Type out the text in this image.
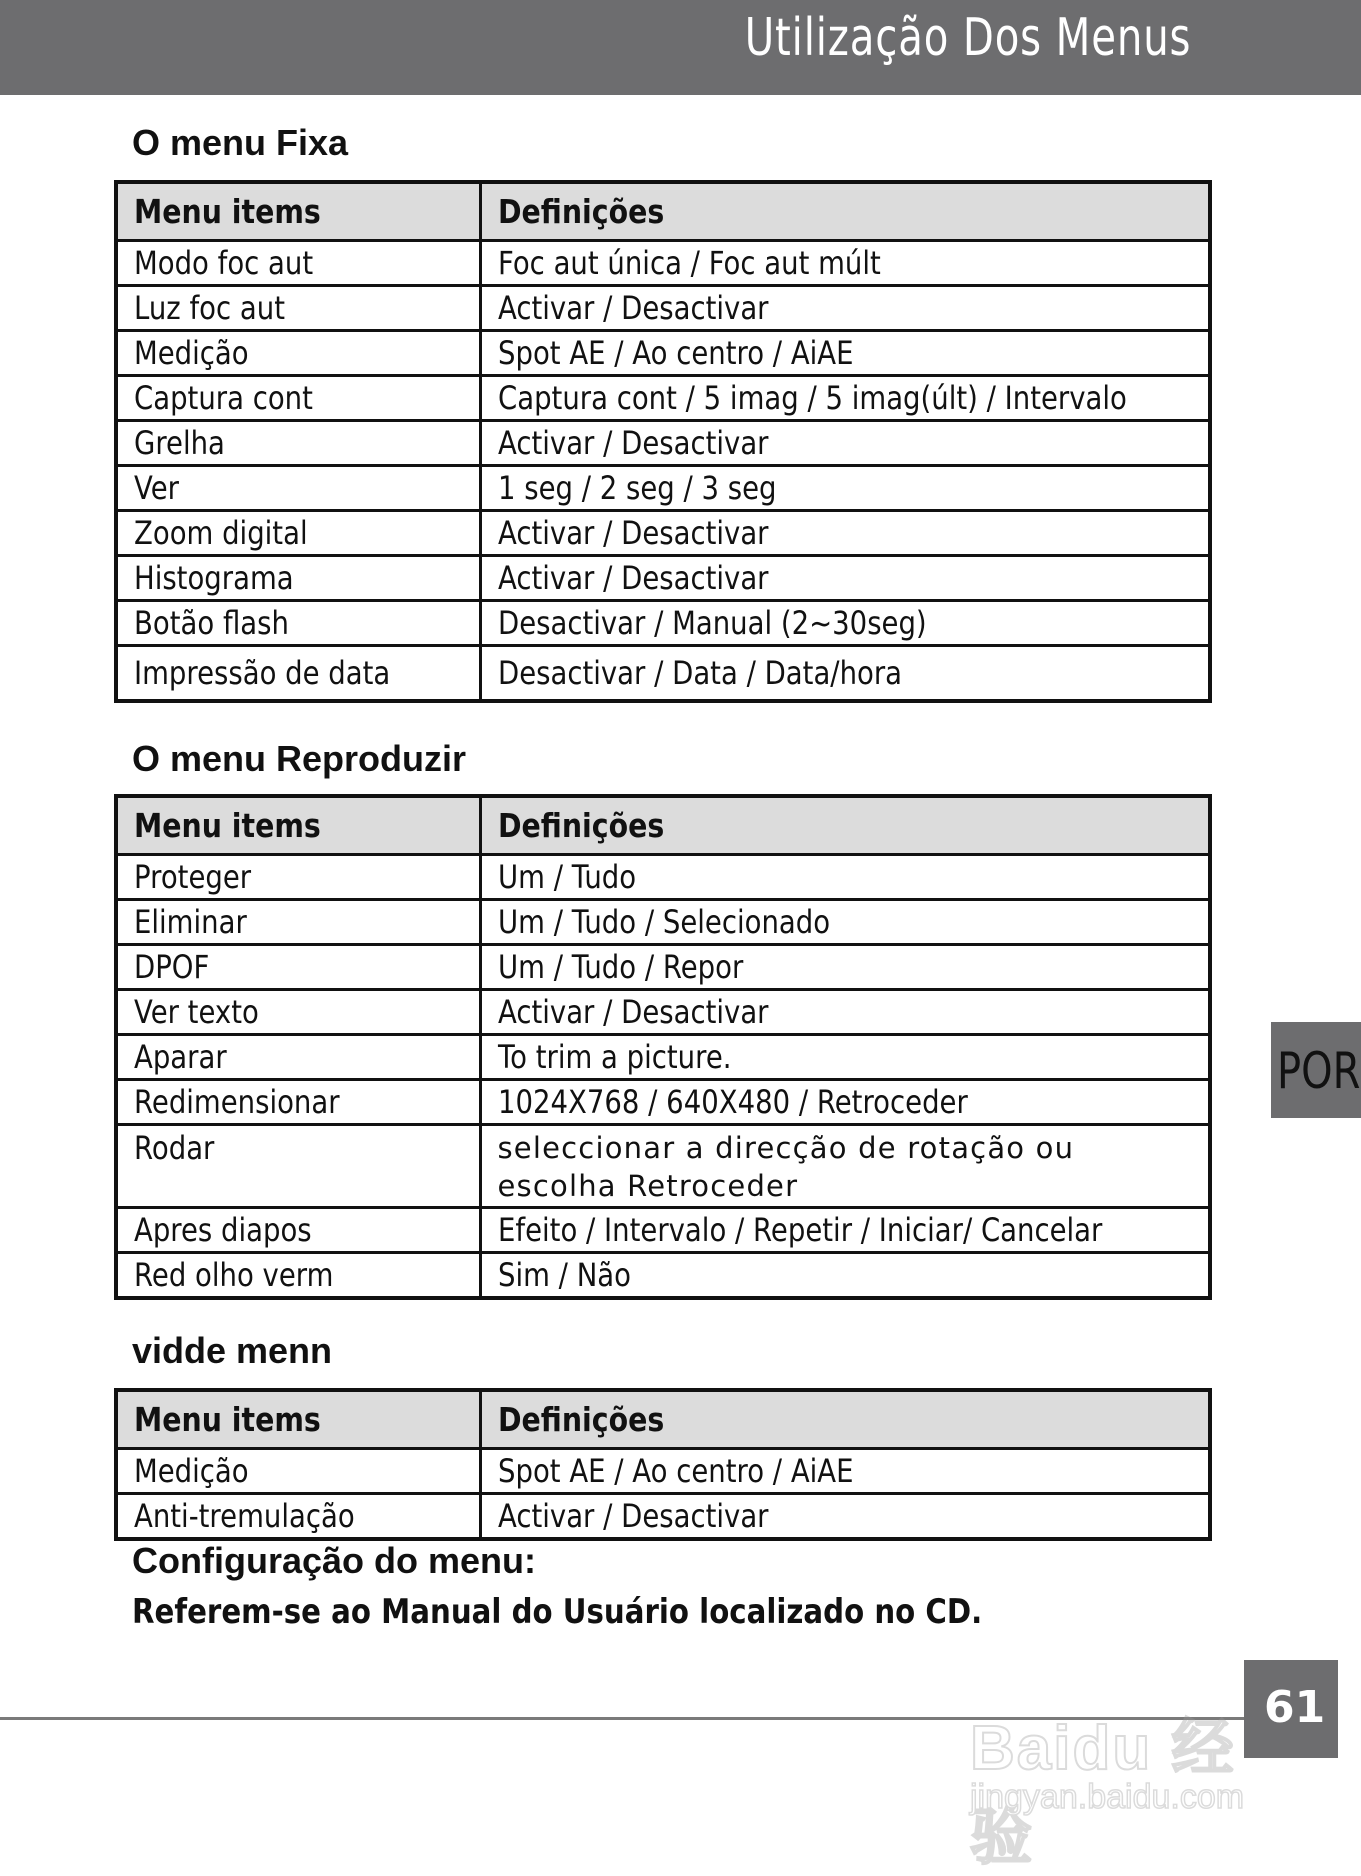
Utilização Dos Menus
O menu Fixa
Menu items	Definições
Modo foc aut	Foc aut única / Foc aut múlt
Luz foc aut	Activar / Desactivar
Medição	Spot AE / Ao centro / AiAE
Captura cont	Captura cont / 5 imag / 5 imag(últ) / Intervalo
Grelha	Activar / Desactivar
Ver	1 seg / 2 seg / 3 seg
Zoom digital	Activar / Desactivar
Histograma	Activar / Desactivar
Botão flash	Desactivar / Manual (2~30seg)
Impressão de data	Desactivar / Data / Data/hora
O menu Reproduzir
Menu items	Definições
Proteger	Um / Tudo
Eliminar	Um / Tudo / Selecionado
DPOF	Um / Tudo / Repor
Ver texto	Activar / Desactivar
Aparar	To trim a picture.
Redimensionar	1024X768 / 640X480 / Retroceder
Rodar	seleccionar a direcção de rotação ou escolha Retroceder

Apres diapos	Efeito / Intervalo / Repetir / Iniciar/ Cancelar
Red olho verm	Sim / Não
vidde menn
Menu items	Definições
Medição	Spot AE / Ao centro / AiAE
Anti-tremulação	Activar / Desactivar
Configuração do menu:
Referem-se ao Manual do Usuário localizado no CD.
POR
61
Baidu 经验
jingyan.baidu.com
